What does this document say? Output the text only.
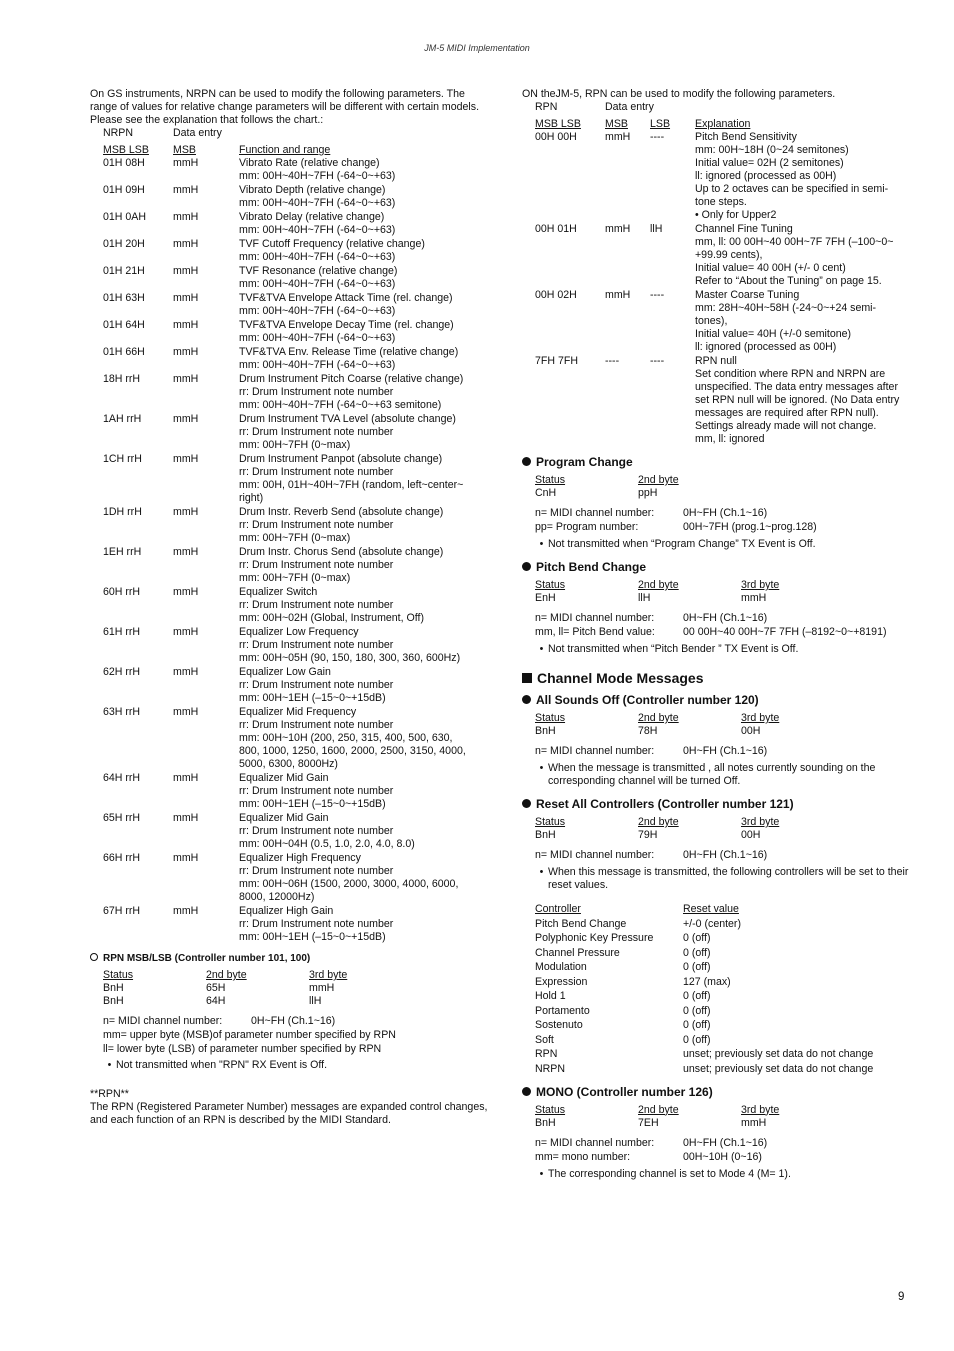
JM-5 MIDI Implementation
9
On GS instruments, NRPN can be used to modify the following parameters. The range of values for relative change parameters will be different with certain models. Please see the explanation that follows the chart.:
NRPN	Data entry
MSB LSB	MSB	Function and range
01H 08H	mmH	Vibrato Rate (relative change)
mm: 00H~40H~7FH (-64~0~+63)
01H 09H	mmH	Vibrato Depth (relative change)
mm: 00H~40H~7FH (-64~0~+63)
01H 0AH	mmH	Vibrato Delay (relative change)
mm: 00H~40H~7FH (-64~0~+63)
01H 20H	mmH	TVF Cutoff Frequency (relative change)
mm: 00H~40H~7FH (-64~0~+63)
01H 21H	mmH	TVF Resonance (relative change)
mm: 00H~40H~7FH (-64~0~+63)
01H 63H	mmH	TVF&TVA Envelope Attack Time (rel. change)
mm: 00H~40H~7FH (-64~0~+63)
01H 64H	mmH	TVF&TVA Envelope Decay Time (rel. change)
mm: 00H~40H~7FH (-64~0~+63)
01H 66H	mmH	TVF&TVA Env. Release Time (relative change)
mm: 00H~40H~7FH (-64~0~+63)
18H rrH	mmH	Drum Instrument Pitch Coarse (relative change)
rr: Drum Instrument note number
mm: 00H~40H~7FH (-64~0~+63 semitone)
1AH rrH	mmH	Drum Instrument TVA Level (absolute change)
rr: Drum Instrument note number
mm: 00H~7FH (0~max)
1CH rrH	mmH	Drum Instrument Panpot (absolute change)
rr: Drum Instrument note number
mm: 00H, 01H~40H~7FH (random, left~center~
right)
1DH rrH	mmH	Drum Instr. Reverb Send (absolute change)
rr: Drum Instrument note number
mm: 00H~7FH (0~max)
1EH rrH	mmH	Drum Instr. Chorus Send (absolute change)
rr: Drum Instrument note number
mm: 00H~7FH (0~max)
60H rrH	mmH	Equalizer Switch
rr: Drum Instrument note number
mm: 00H~02H (Global, Instrument, Off)
61H rrH	mmH	Equalizer Low Frequency
rr: Drum Instrument note number
mm: 00H~05H (90, 150, 180, 300, 360, 600Hz)
62H rrH	mmH	Equalizer Low Gain
rr: Drum Instrument note number
mm: 00H~1EH (–15~0~+15dB)
63H rrH	mmH	Equalizer Mid Frequency
rr: Drum Instrument note number
mm: 00H~10H (200, 250, 315, 400, 500, 630,
800, 1000, 1250, 1600, 2000, 2500, 3150, 4000,
5000, 6300, 8000Hz)
64H rrH	mmH	Equalizer Mid Gain
rr: Drum Instrument note number
mm: 00H~1EH (–15~0~+15dB)
65H rrH	mmH	Equalizer Mid Gain
rr: Drum Instrument note number
mm: 00H~04H (0.5, 1.0, 2.0, 4.0, 8.0)
66H rrH	mmH	Equalizer High Frequency
rr: Drum Instrument note number
mm: 00H~06H (1500, 2000, 3000, 4000, 6000,
8000, 12000Hz)
67H rrH	mmH	Equalizer High Gain
rr: Drum Instrument note number
mm: 00H~1EH (–15~0~+15dB)
RPN MSB/LSB (Controller number 101, 100)
Status	2nd byte	3rd byte
BnH	65H	mmH
BnH	64H	llH
n= MIDI channel number:	0H~FH (Ch.1~16)
mm= upper byte (MSB)of parameter number specified by RPN
ll= lower byte (LSB) of parameter number specified by RPN
• Not transmitted when "RPN" RX Event is Off.
**RPN**
The RPN (Registered Parameter Number) messages are expanded control changes, and each function of an RPN is described by the MIDI Standard.
ON theJM-5, RPN can be used to modify the following parameters.
RPN	Data entry
MSB LSB	MSB	LSB	Explanation
00H 00H	mmH	----	Pitch Bend Sensitivity
mm: 00H~18H (0~24 semitones)
Initial value= 02H (2 semitones)
ll: ignored (processed as 00H)
Up to 2 octaves can be specified in semi-
tone steps.
• Only for Upper2
00H 01H	mmH	llH	Channel Fine Tuning
mm, ll: 00 00H~40 00H~7F 7FH (–100~0~
+99.99 cents),
Initial value= 40 00H (+/- 0 cent)
Refer to “About the Tuning” on page 15.
00H 02H	mmH	----	Master Coarse Tuning
mm: 28H~40H~58H (-24~0~+24 semi-
tones),
Initial value= 40H (+/-0 semitone)
ll: ignored (processed as 00H)
7FH 7FH	----	----	RPN null
Set condition where RPN and NRPN are
unspecified. The data entry messages after
set RPN null will be ignored. (No Data entry
messages are required after RPN null).
Settings already made will not change.
mm, ll: ignored
Program Change
Status	2nd byte
CnH	ppH
n= MIDI channel number:	0H~FH (Ch.1~16)
pp= Program number:	00H~7FH (prog.1~prog.128)
• Not transmitted when “Program Change” TX Event is Off.
Pitch Bend Change
Status	2nd byte	3rd byte
EnH	llH	mmH
n= MIDI channel number:	0H~FH (Ch.1~16)
mm, ll= Pitch Bend value:	00 00H~40 00H~7F 7FH (–8192~0~+8191)
• Not transmitted when “Pitch Bender ” TX Event is Off.
Channel Mode Messages
All Sounds Off (Controller number 120)
Status	2nd byte	3rd byte
BnH	78H	00H
n= MIDI channel number:	0H~FH (Ch.1~16)
• When the message is transmitted , all notes currently sounding on the corresponding channel will be turned Off.
Reset All Controllers (Controller number 121)
Status	2nd byte	3rd byte
BnH	79H	00H
n= MIDI channel number:	0H~FH (Ch.1~16)
• When this message is transmitted, the following controllers will be set to their reset values.
Controller	Reset value
Pitch Bend Change	+/-0 (center)
Polyphonic Key Pressure	0 (off)
Channel Pressure	0 (off)
Modulation	0 (off)
Expression	127 (max)
Hold 1	0 (off)
Portamento	0 (off)
Sostenuto	0 (off)
Soft	0 (off)
RPN	unset; previously set data do not change
NRPN	unset; previously set data do not change
MONO (Controller number 126)
Status	2nd byte	3rd byte
BnH	7EH	mmH
n= MIDI channel number:	0H~FH (Ch.1~16)
mm= mono number:	00H~10H (0~16)
• The corresponding channel is set to Mode 4 (M= 1).
